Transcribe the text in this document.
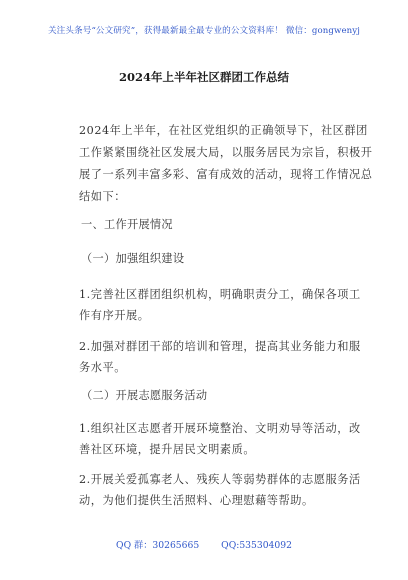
关注头条号“公文研究”，获得最新最全最专业的公文资料库！ 微信：gongwenyj
2024年上半年社区群团工作总结
2024年上半年，在社区党组织的正确领导下，社区群团
工作紧紧围绕社区发展大局，以服务居民为宗旨，积极开
展了一系列丰富多彩、富有成效的活动，现将工作情况总
结如下：
一、工作开展情况
（一）加强组织建设
1.完善社区群团组织机构，明确职责分工，确保各项工
作有序开展。
2.加强对群团干部的培训和管理，提高其业务能力和服
务水平。
（二）开展志愿服务活动
1.组织社区志愿者开展环境整治、文明劝导等活动，改
善社区环境，提升居民文明素质。
2.开展关爱孤寡老人、残疾人等弱势群体的志愿服务活
动，为他们提供生活照料、心理慰藉等帮助。
QQ 群：30265665 QQ:535304092
